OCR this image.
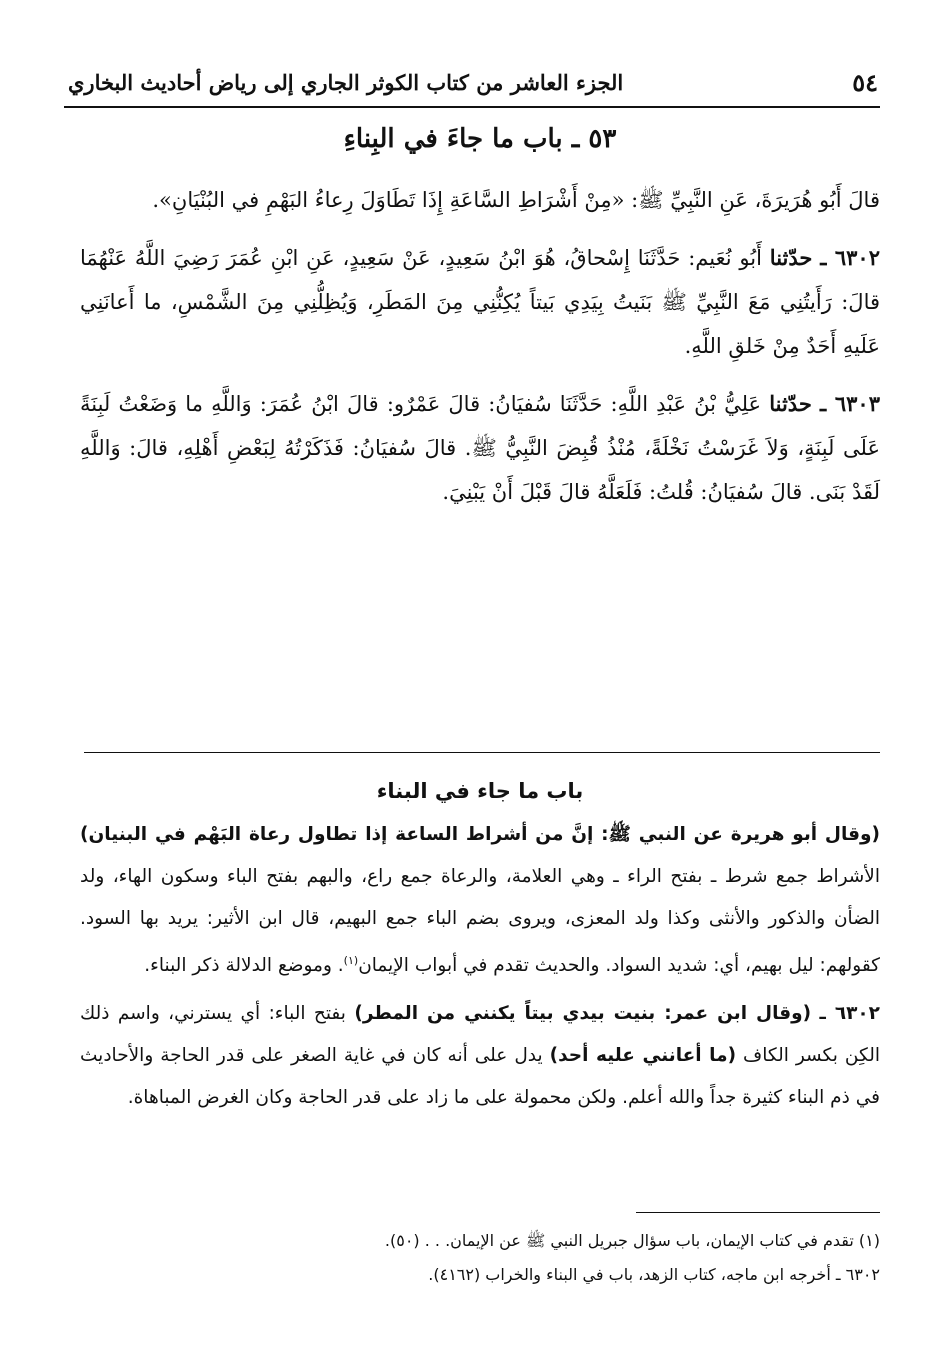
٥٤
الجزء العاشر من كتاب الكوثر الجاري إلى رياض أحاديث البخاري
٥٣ ـ باب ما جاءَ في البِناءِ

قالَ أَبُو هُرَيرَةَ، عَنِ النَّبِيِّ ﷺ: «مِنْ أَشْرَاطِ السَّاعَةِ إِذَا تَطَاوَلَ رِعاءُ البَهْمِ في البُنْيَانِ».

٦٣٠٢ ـ حدّثنا أَبُو نُعَيم: حَدَّثَنَا إِسْحاقُ، هُوَ ابْنُ سَعِيدٍ، عَنْ سَعِيدٍ، عَنِ ابْنِ عُمَرَ رَضِيَ اللَّهُ عَنْهُمَا قالَ: رَأَيتُنِي مَعَ النَّبِيِّ ﷺ بَنَيتُ بِيَدِي بَيتاً يُكِنُّنِي مِنَ المَطَرِ، وَيُظِلُّنِي مِنَ الشَّمْسِ، ما أَعانَنِي عَلَيهِ أَحَدٌ مِنْ خَلقِ اللَّهِ.

٦٣٠٣ ـ حدّثنا عَلِيُّ بْنُ عَبْدِ اللَّهِ: حَدَّثَنَا سُفيَانُ: قالَ عَمْرٌو: قالَ ابْنُ عُمَرَ: وَاللَّهِ ما وَضَعْتُ لَبِنَةً عَلَى لَبِنَةٍ، وَلاَ غَرَسْتُ نَخْلَةً، مُنْذُ قُبِضَ النَّبِيُّ ﷺ. قالَ سُفيَانُ: فَذَكَرْتُهُ لِبَعْضِ أَهْلِهِ، قالَ: وَاللَّهِ لَقَدْ بَنَى. قالَ سُفيَانُ: قُلتُ: فَلَعَلَّهُ قالَ قَبْلَ أَنْ يَبْنِيَ.

باب ما جاء في البناء

(وقال أبو هريرة عن النبي ﷺ: إنَّ من أشراط الساعة إذا تطاول رعاة البَهْم في البنيان) الأشراط جمع شرط ـ بفتح الراء ـ وهي العلامة، والرعاة جمع راع، والبهم بفتح الباء وسكون الهاء، ولد الضأن والذكور والأنثى وكذا ولد المعزى، ويروى بضم الباء جمع البهيم، قال ابن الأثير: يريد بها السود. كقولهم: ليل بهيم، أي: شديد السواد. والحديث تقدم في أبواب الإيمان$^{(١)}$. وموضع الدلالة ذكر البناء.

٦٣٠٢ ـ (وقال ابن عمر: بنيت بيدي بيتاً يكنني من المطر) بفتح الباء: أي يسترني، واسم ذلك الكِن بكسر الكاف (ما أعانني عليه أحد) يدل على أنه كان في غاية الصغر على قدر الحاجة والأحاديث في ذم البناء كثيرة جداً والله أعلم. ولكن محمولة على ما زاد على قدر الحاجة وكان الغرض المباهاة.

(١) تقدم في كتاب الإيمان، باب سؤال جبريل النبي ﷺ عن الإيمان. . . (٥٠).

٦٣٠٢ ـ أخرجه ابن ماجه، كتاب الزهد، باب في البناء والخراب (٤١٦٢).
